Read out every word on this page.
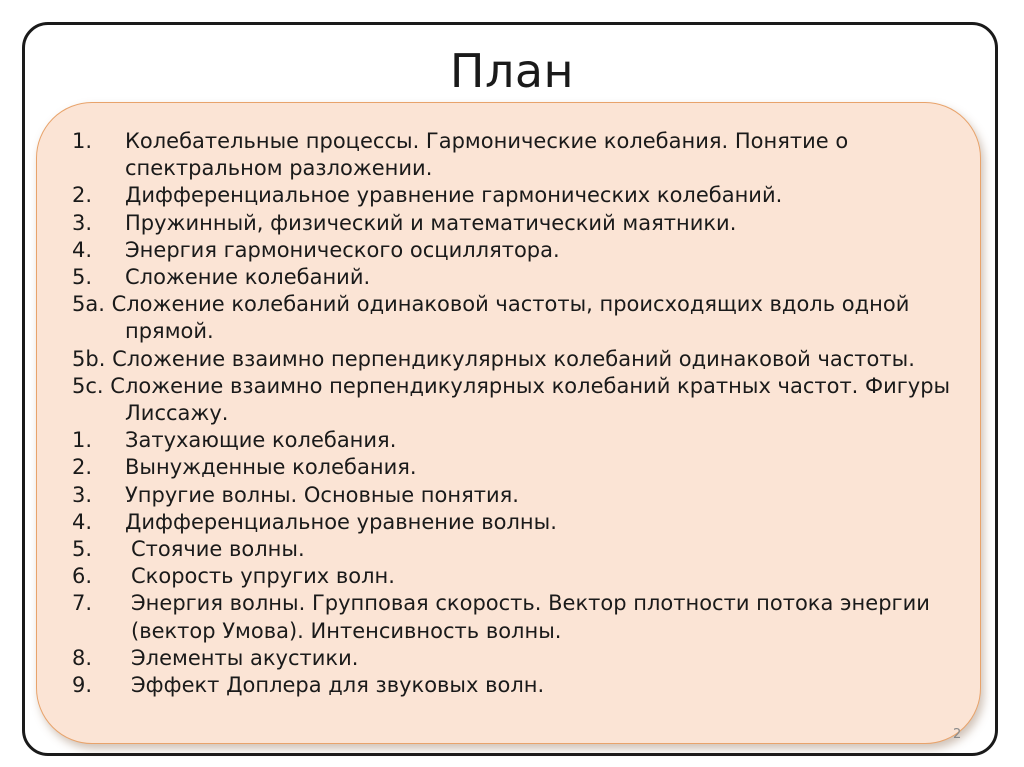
План
1.	Колебательные процессы. Гармонические колебания. Понятие о спектральном разложении.
2.	Дифференциальное уравнение гармонических колебаний.
3.	Пружинный, физический и математический маятники.
4.	Энергия гармонического осциллятора.
5.	Сложение колебаний.
5a. Сложение колебаний одинаковой частоты, происходящих вдоль одной прямой.
5b. Сложение взаимно перпендикулярных колебаний одинаковой частоты.
5c. Сложение взаимно перпендикулярных колебаний кратных частот. Фигуры Лиссажу.
1.	Затухающие колебания.
2.	Вынужденные колебания.
3.	Упругие волны. Основные понятия.
4.	Дифференциальное уравнение волны.
5.	Стоячие волны.
6.	Скорость упругих волн.
7.	Энергия волны. Групповая скорость. Вектор плотности потока энергии (вектор Умова). Интенсивность волны.
8.	Элементы акустики.
9.	Эффект Доплера для звуковых волн.
2
